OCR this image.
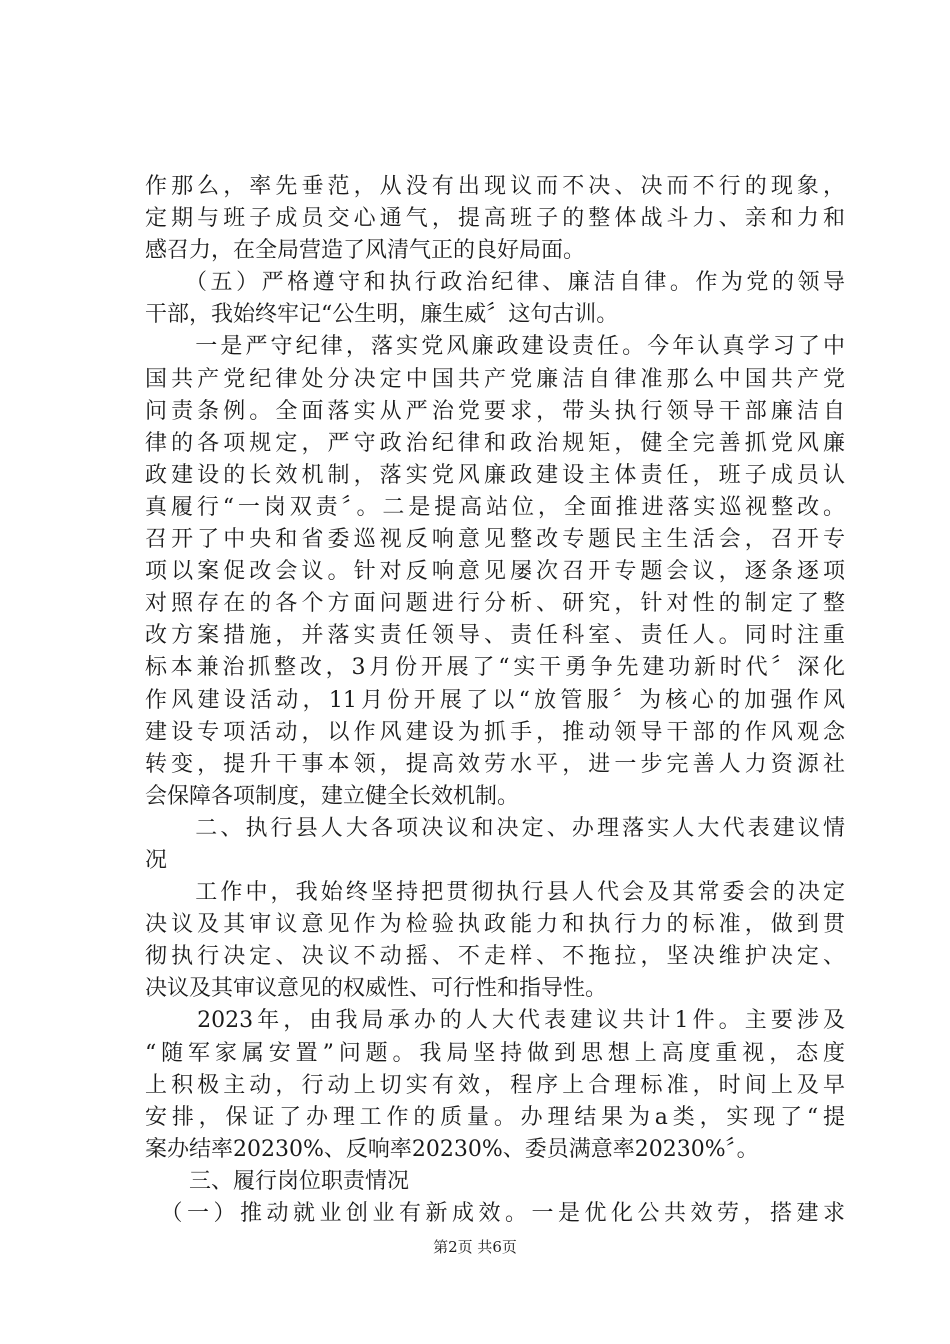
作那么，率先垂范，从没有出现议而不决、决而不行的现象，
定期与班子成员交心通气，提高班子的整体战斗力、亲和力和
感召力，在全局营造了风清气正的良好局面。
　　（五）严格遵守和执行政治纪律、廉洁自律。作为党的领导
干部，我始终牢记“公生明，廉生威〞这句古训。
　　一是严守纪律，落实党风廉政建设责任。今年认真学习了中
国共产党纪律处分决定中国共产党廉洁自律准那么中国共产党
问责条例。全面落实从严治党要求，带头执行领导干部廉洁自
律的各项规定，严守政治纪律和政治规矩，健全完善抓党风廉
政建设的长效机制，落实党风廉政建设主体责任，班子成员认
真履行“一岗双责〞。二是提高站位，全面推进落实巡视整改。
召开了中央和省委巡视反响意见整改专题民主生活会，召开专
项以案促改会议。针对反响意见屡次召开专题会议，逐条逐项
对照存在的各个方面问题进行分析、研究，针对性的制定了整
改方案措施，并落实责任领导、责任科室、责任人。同时注重
标本兼治抓整改，3月份开展了“实干勇争先建功新时代〞深化
作风建设活动，11月份开展了以“放管服〞为核心的加强作风
建设专项活动，以作风建设为抓手，推动领导干部的作风观念
转变，提升干事本领，提高效劳水平，进一步完善人力资源社
会保障各项制度，建立健全长效机制。
　　二、执行县人大各项决议和决定、办理落实人大代表建议情
况
　　工作中，我始终坚持把贯彻执行县人代会及其常委会的决定
决议及其审议意见作为检验执政能力和执行力的标准，做到贯
彻执行决定、决议不动摇、不走样、不拖拉，坚决维护决定、
决议及其审议意见的权威性、可行性和指导性。
　　2023年，由我局承办的人大代表建议共计1件。主要涉及
“随军家属安置”问题。我局坚持做到思想上高度重视，态度
上积极主动，行动上切实有效，程序上合理标准，时间上及早
安排，保证了办理工作的质量。办理结果为a类，实现了“提
案办结率20230%、反响率20230%、委员满意率20230%〞。
　　三、履行岗位职责情况
　（一）推动就业创业有新成效。一是优化公共效劳，搭建求
第2页 共6页
